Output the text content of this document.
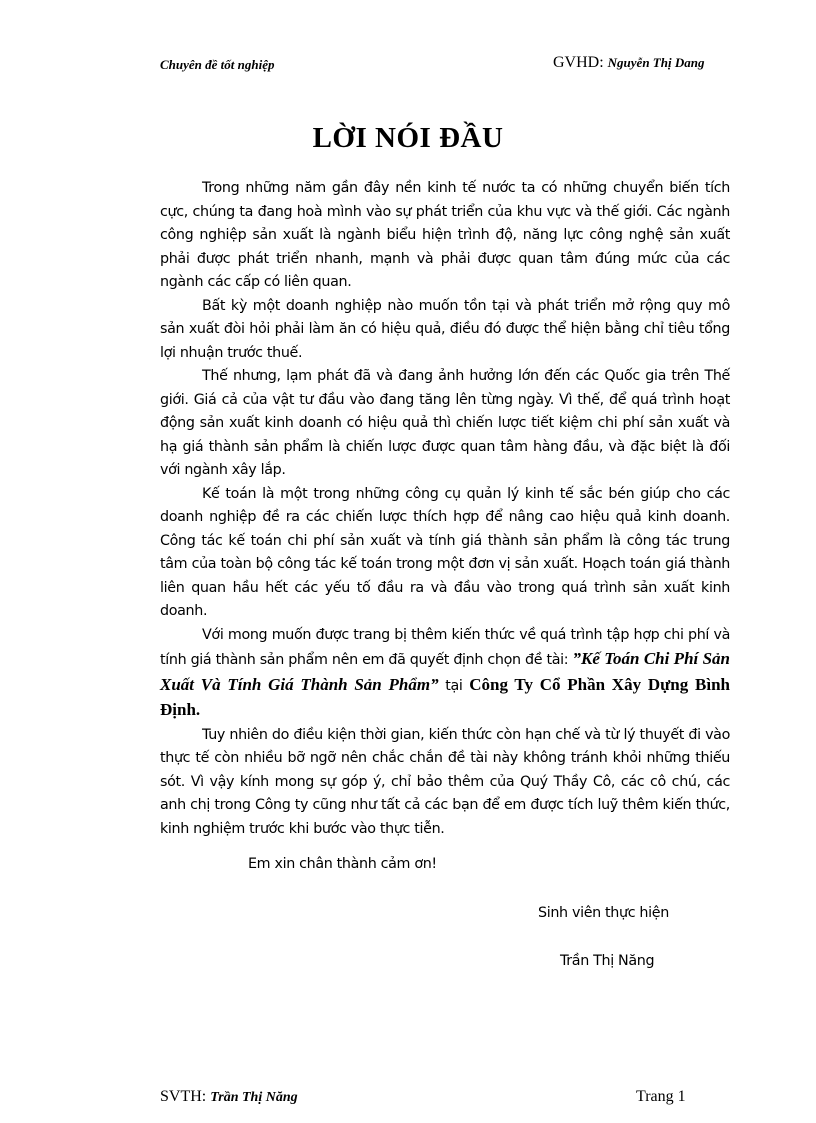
Chuyên đề tốt nghiệp	GVHD: Nguyễn Thị Dang
LỜI NÓI ĐẦU

Trong những năm gần đây nền kinh tế nước ta có những chuyển biến tích cực, chúng ta đang hoà mình vào sự phát triển của khu vực và thế giới. Các ngành công nghiệp sản xuất là ngành biểu hiện trình độ, năng lực công nghệ sản xuất phải được phát triển nhanh, mạnh và phải được quan tâm đúng mức của các ngành các cấp có liên quan.

Bất kỳ một doanh nghiệp nào muốn tồn tại và phát triển mở rộng quy mô sản xuất đòi hỏi phải làm ăn có hiệu quả, điều đó được thể hiện bằng chỉ tiêu tổng lợi nhuận trước thuế.

Thế nhưng, lạm phát đã và đang ảnh hưởng lớn đến các Quốc gia trên Thế giới. Giá cả của vật tư đầu vào đang tăng lên từng ngày. Vì thế, để quá trình hoạt động sản xuất kinh doanh có hiệu quả thì chiến lược tiết kiệm chi phí sản xuất và hạ giá thành sản phẩm là chiến lược được quan tâm hàng đầu, và đặc biệt là đối với ngành xây lắp.

Kế toán là một trong những công cụ quản lý kinh tế sắc bén giúp cho các doanh nghiệp đề ra các chiến lược thích hợp để nâng cao hiệu quả kinh doanh. Công tác kế toán chi phí sản xuất và tính giá thành sản phẩm là công tác trung tâm của toàn bộ công tác kế toán trong một đơn vị sản xuất. Hoạch toán giá thành liên quan hầu hết các yếu tố đầu ra và đầu vào trong quá trình sản xuất kinh doanh.

Với mong muốn được trang bị thêm kiến thức về quá trình tập hợp chi phí và tính giá thành sản phẩm nên em đã quyết định chọn đề tài: ”Kế Toán Chi Phí Sản Xuất Và Tính Giá Thành Sản Phẩm” tại Công Ty Cổ Phần Xây Dựng Bình Định.

Tuy nhiên do điều kiện thời gian, kiến thức còn hạn chế và từ lý thuyết đi vào thực tế còn nhiều bỡ ngỡ nên chắc chắn đề tài này không tránh khỏi những thiếu sót. Vì vậy kính mong sự góp ý, chỉ bảo thêm của Quý Thầy Cô, các cô chú, các anh chị trong Công ty cũng như tất cả các bạn để em được tích luỹ thêm kiến thức, kinh nghiệm trước khi bước vào thực tiễn.

Em xin chân thành cảm ơn!
Sinh viên thực hiện
Trần Thị Năng
SVTH: Trần Thị Năng	Trang 1
